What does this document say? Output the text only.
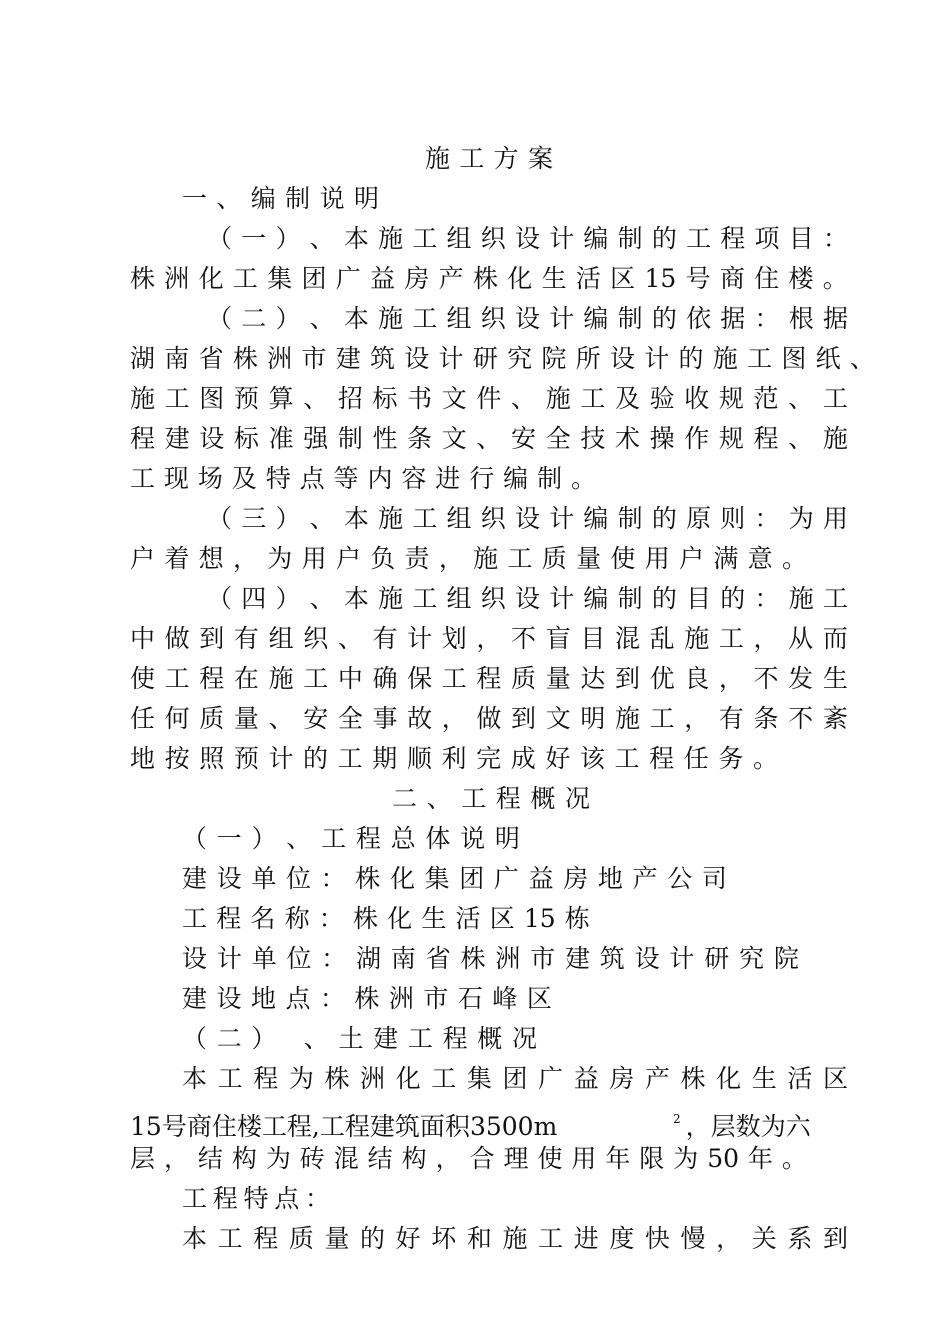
施 工 方 案
一 、 编 制 说 明
（ 一 ） 、 本 施 工 组 织 设 计 编 制 的 工 程 项 目 ：
株 洲 化 工 集 团 广 益 房 产 株 化 生 活 区 15 号 商 住 楼 。
（ 二 ） 、 本 施 工 组 织 设 计 编 制 的 依 据 ： 根 据
湖 南 省 株 洲 市 建 筑 设 计 研 究 院 所 设 计 的 施 工 图 纸 、
施 工 图 预 算 、 招 标 书 文 件 、 施 工 及 验 收 规 范 、 工
程 建 设 标 准 强 制 性 条 文 、 安 全 技 术 操 作 规 程 、 施
工 现 场 及 特 点 等 内 容 进 行 编 制 。
（ 三 ） 、 本 施 工 组 织 设 计 编 制 的 原 则 ： 为 用
户 着 想 ， 为 用 户 负 责 ， 施 工 质 量 使 用 户 满 意 。
（ 四 ） 、 本 施 工 组 织 设 计 编 制 的 目 的 ： 施 工
中 做 到 有 组 织 、 有 计 划 ， 不 盲 目 混 乱 施 工 ， 从 而
使 工 程 在 施 工 中 确 保 工 程 质 量 达 到 优 良 ， 不 发 生
任 何 质 量 、 安 全 事 故 ， 做 到 文 明 施 工 ， 有 条 不 紊
地 按 照 预 计 的 工 期 顺 利 完 成 好 该 工 程 任 务 。
二 、 工 程 概 况
（ 一 ） 、 工 程 总 体 说 明
建 设 单 位 ： 株 化 集 团 广 益 房 地 产 公 司
工 程 名 称 ： 株 化 生 活 区 15 栋
设 计 单 位 ： 湖 南 省 株 洲 市 建 筑 设 计 研 究 院
建 设 地 点 ： 株 洲 市 石 峰 区
（ 二 ）
、 土 建 工 程 概 况
本 工 程 为 株 洲 化 工 集 团 广 益 房 产 株 化 生 活 区
15号商住楼工程,工程建筑面积3500m	$^2$ ，层数为六
层 ， 结 构 为 砖 混 结 构 ， 合 理 使 用 年 限 为 50 年 。
工 程 特 点 ：
本 工 程 质 量 的 好 坏 和 施 工 进 度 快 慢 ， 关 系 到
